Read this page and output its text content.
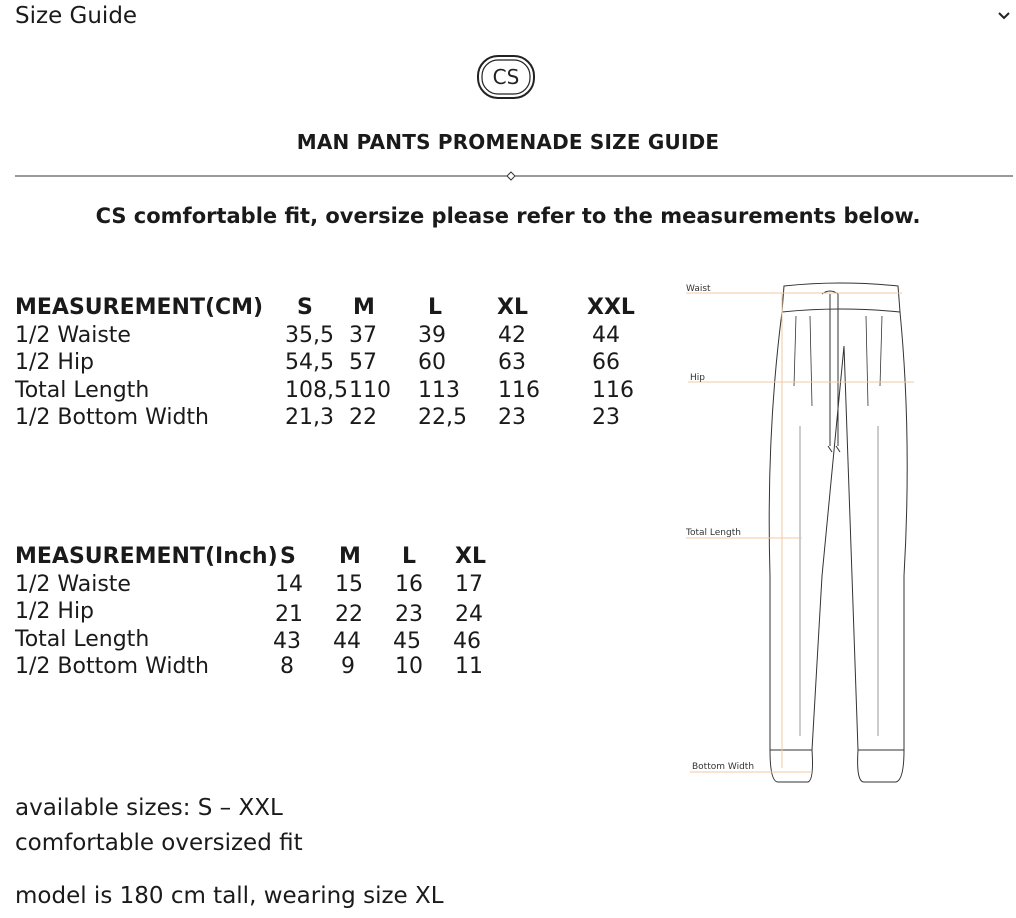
Size Guide
CS
MAN PANTS PROMENADE SIZE GUIDE
CS comfortable fit, oversize please refer to the measurements below.
MEASUREMENT(CM) S M L XL	XXL
1/2 Waiste	35,5 37 39 42	44
1/2 Hip	54,5 57 60 63	66
Total Length	108,5 110 113 116 116
1/2 Bottom Width	21,3 22 22,5 23	23
MEASUREMENT(Inch) S M L XL
1/2 Waiste	14 15 16 17
1/2 Hip	21 22 23 24
Total Length	43 44 45 46
1/2 Bottom Width	8 9 10 11
Waist
Hip
Total Length
Bottom Width
available sizes: S – XXL
comfortable oversized fit
model is 180 cm tall, wearing size XL
